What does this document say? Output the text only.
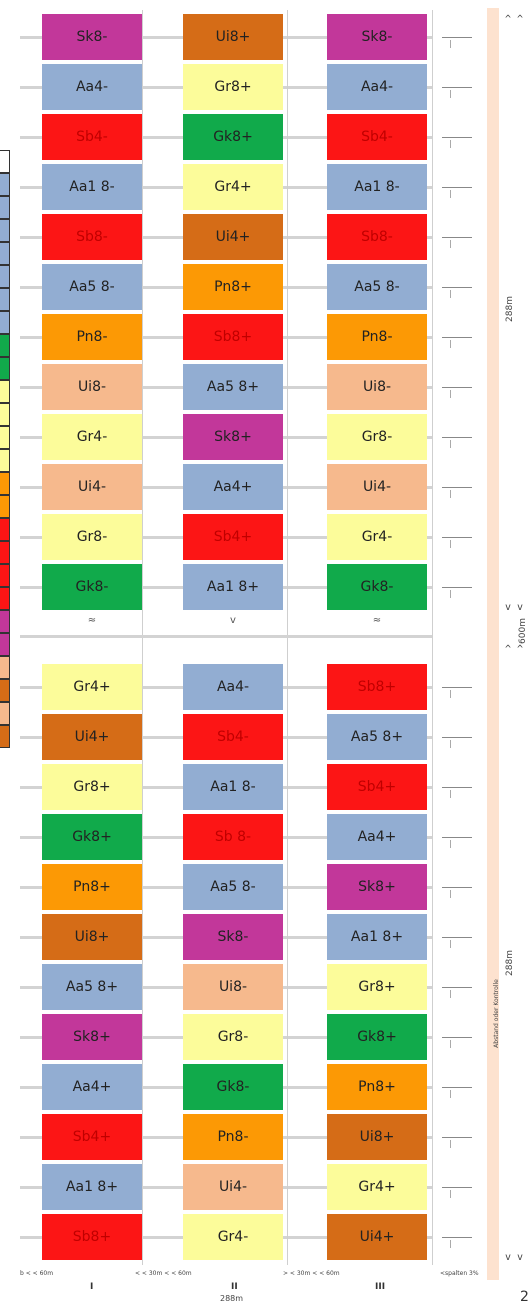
Sk8-	Ui8+	Sk8-
Aa4-	Gr8+	Aa4-
Sb4-	Gk8+	Sb4-
Aa1 8-	Gr4+	Aa1 8-
Sb8-	Ui4+	Sb8-
Aa5 8-	Pn8+	Aa5 8-
Pn8-	Sb8+	Pn8-
Ui8-	Aa5 8+	Ui8-
Gr4-	Sk8+	Gr8-
Ui4-	Aa4+	Ui4-
Gr8-	Sb4+	Gr4-
Gk8-	Aa1 8+	Gk8-
Gr4+	Aa4-	Sb8+
Ui4+	Sb4-	Aa5 8+
Gr8+	Aa1 8-	Sb4+
Gk8+	Sb 8-	Aa4+
Pn8+	Aa5 8-	Sk8+
Ui8+	Sk8-	Aa1 8+
Aa5 8+	Ui8-	Gr8+
Sk8+	Gr8-	Gk8+
Aa4+	Gk8-	Pn8+
Sb4+	Pn8-	Ui8+
Aa1 8+	Ui4-	Gr4+
Sb8+	Gr4-	Ui4+
≈	v	≈
288m
600m
288m
Abstand oder Kontrolle
^ ^
v v
^ ^
v v
b < < 60m	< < 30m < < 60m	> < 30m < < 60m	<spalten 3%
I	II	III
288m	2
